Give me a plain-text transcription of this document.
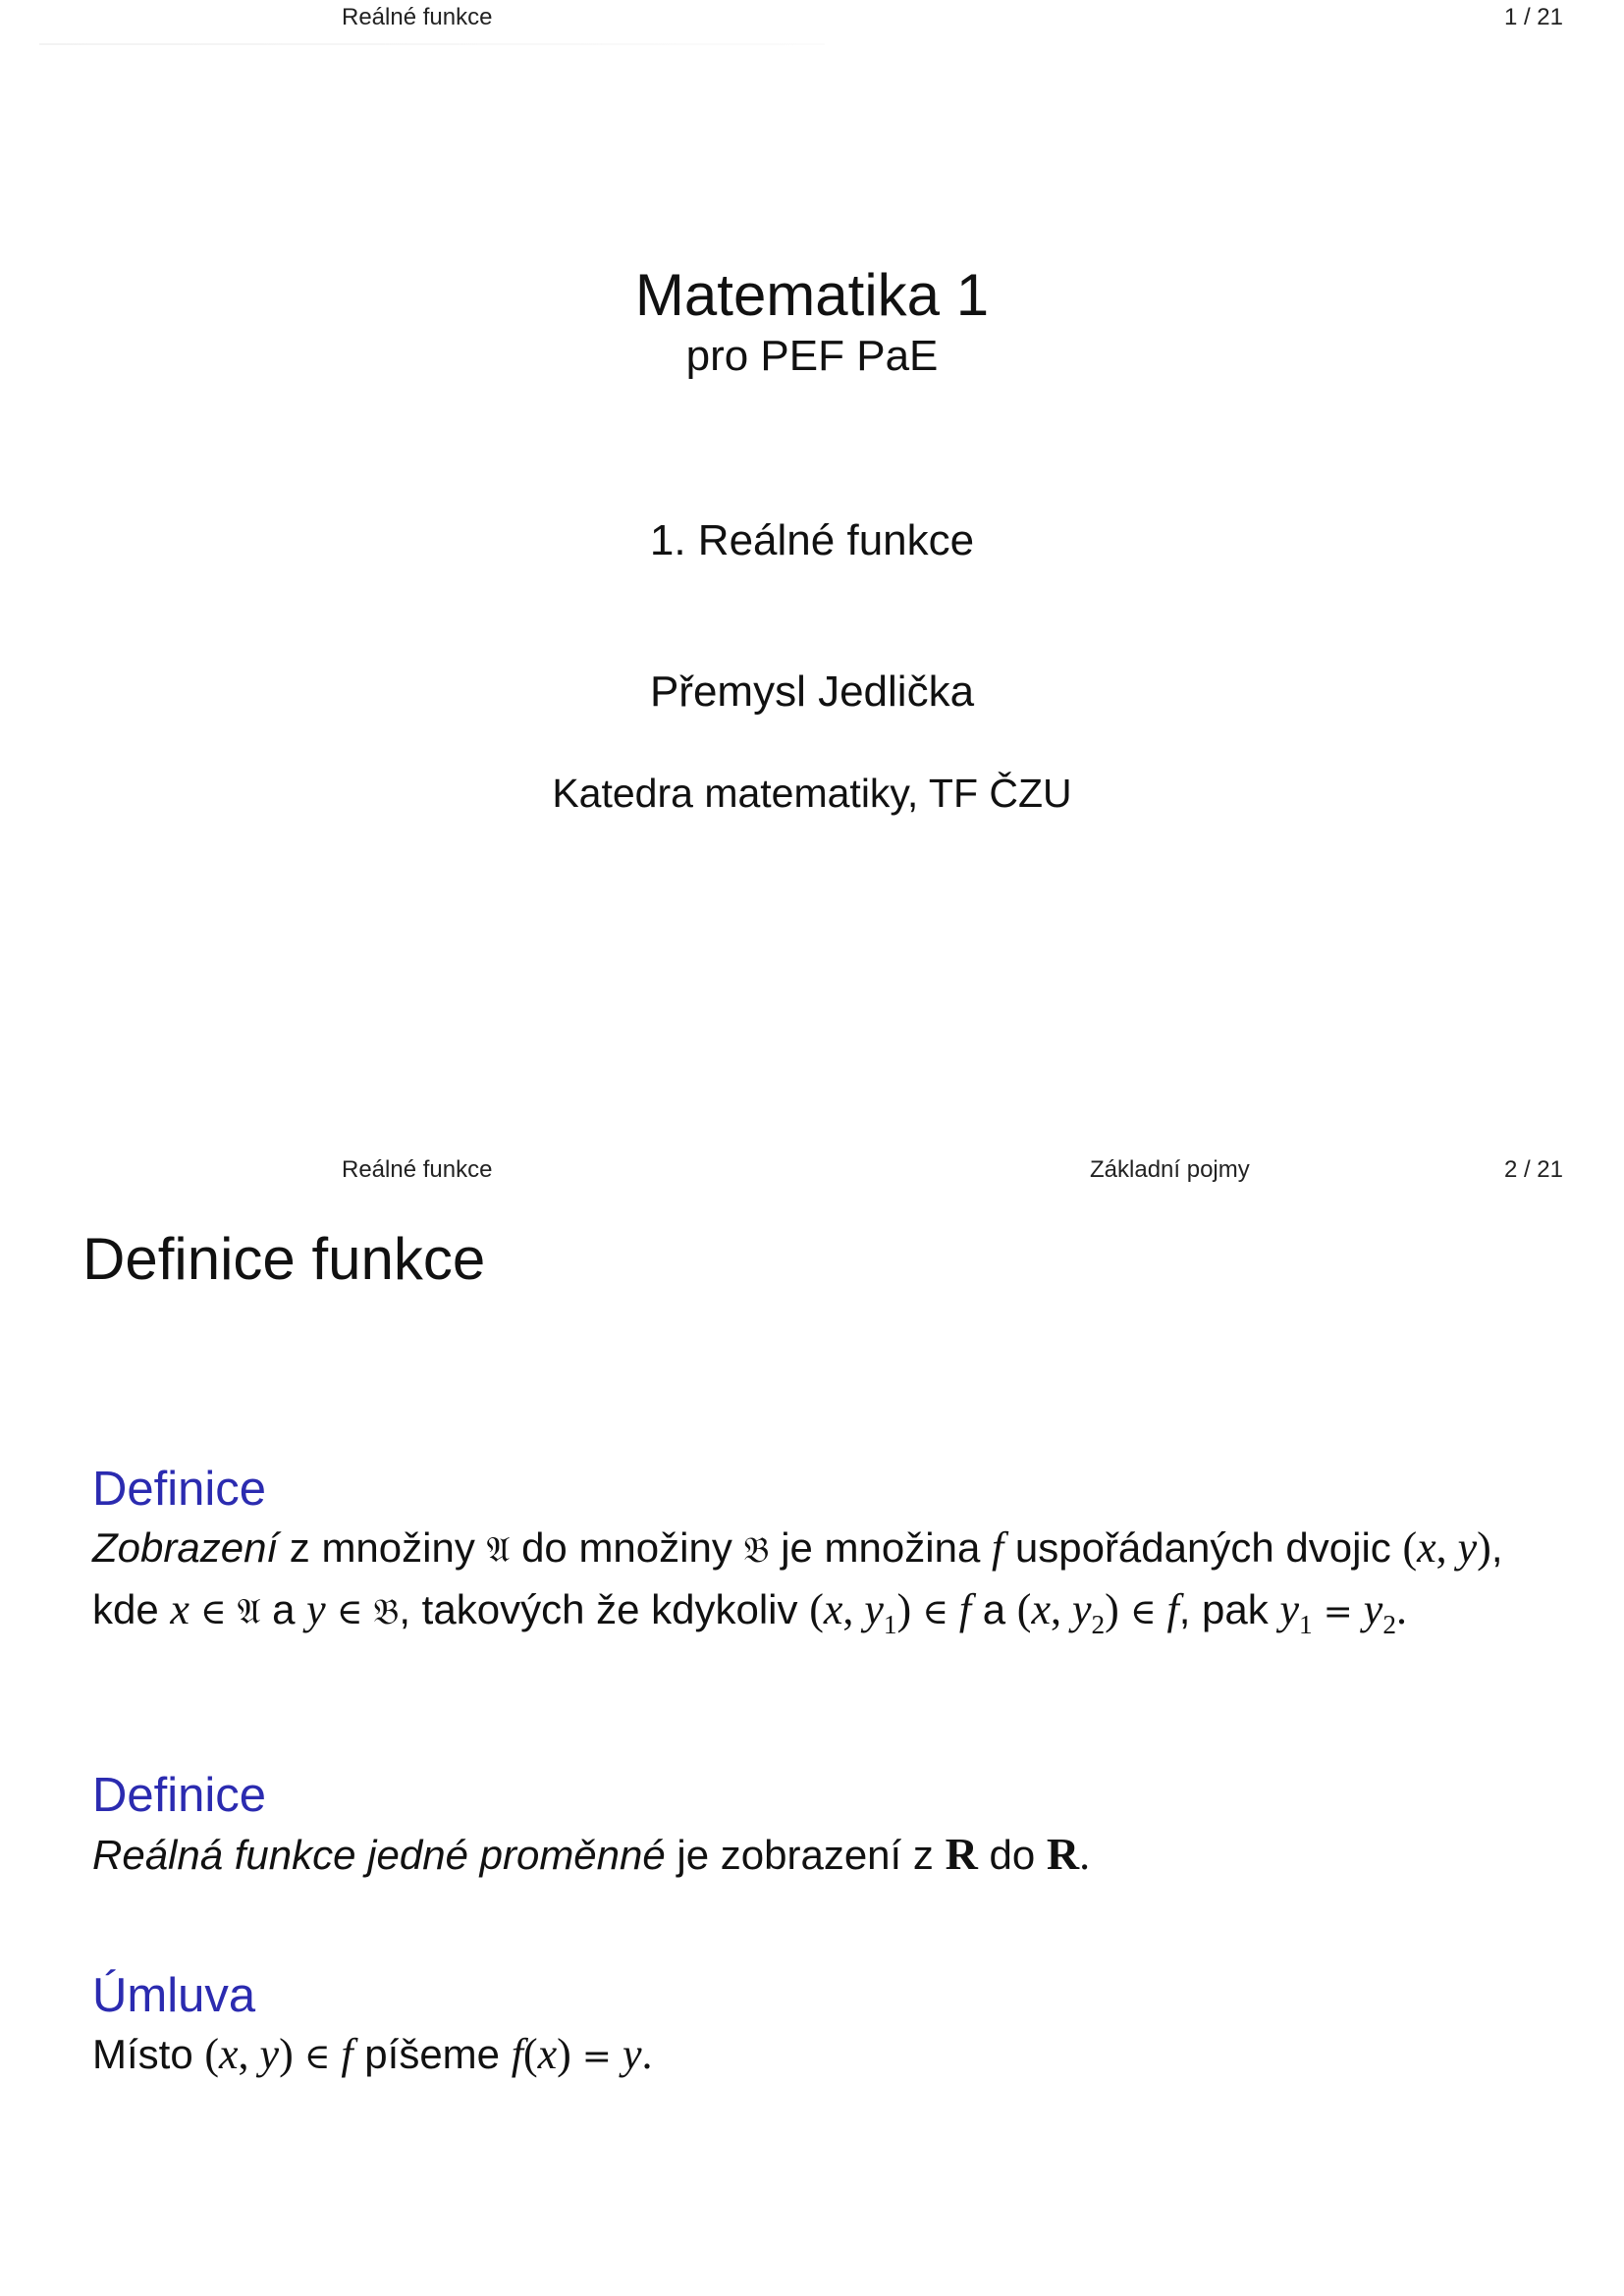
Reálné funkce	1 / 21
Matematika 1
pro PEF PaE
1. Reálné funkce
Přemysl Jedlička
Katedra matematiky, TF ČZU
Reálné funkce	Základní pojmy	2 / 21
Definice funkce
Definice
Zobrazení z množiny 𝔄 do množiny 𝔅 je množina f uspořádaných dvojic (x, y), kde x ∈ 𝔄 a y ∈ 𝔅, takových že kdykoliv (x, $y_1$) ∈ f a (x, $y_2$) ∈ f, pak $y_1 = y_2$.
Definice
Reálná funkce jedné proměnné je zobrazení z R do R.
Úmluva
Místo (x, y) ∈ f píšeme f(x) = y.
